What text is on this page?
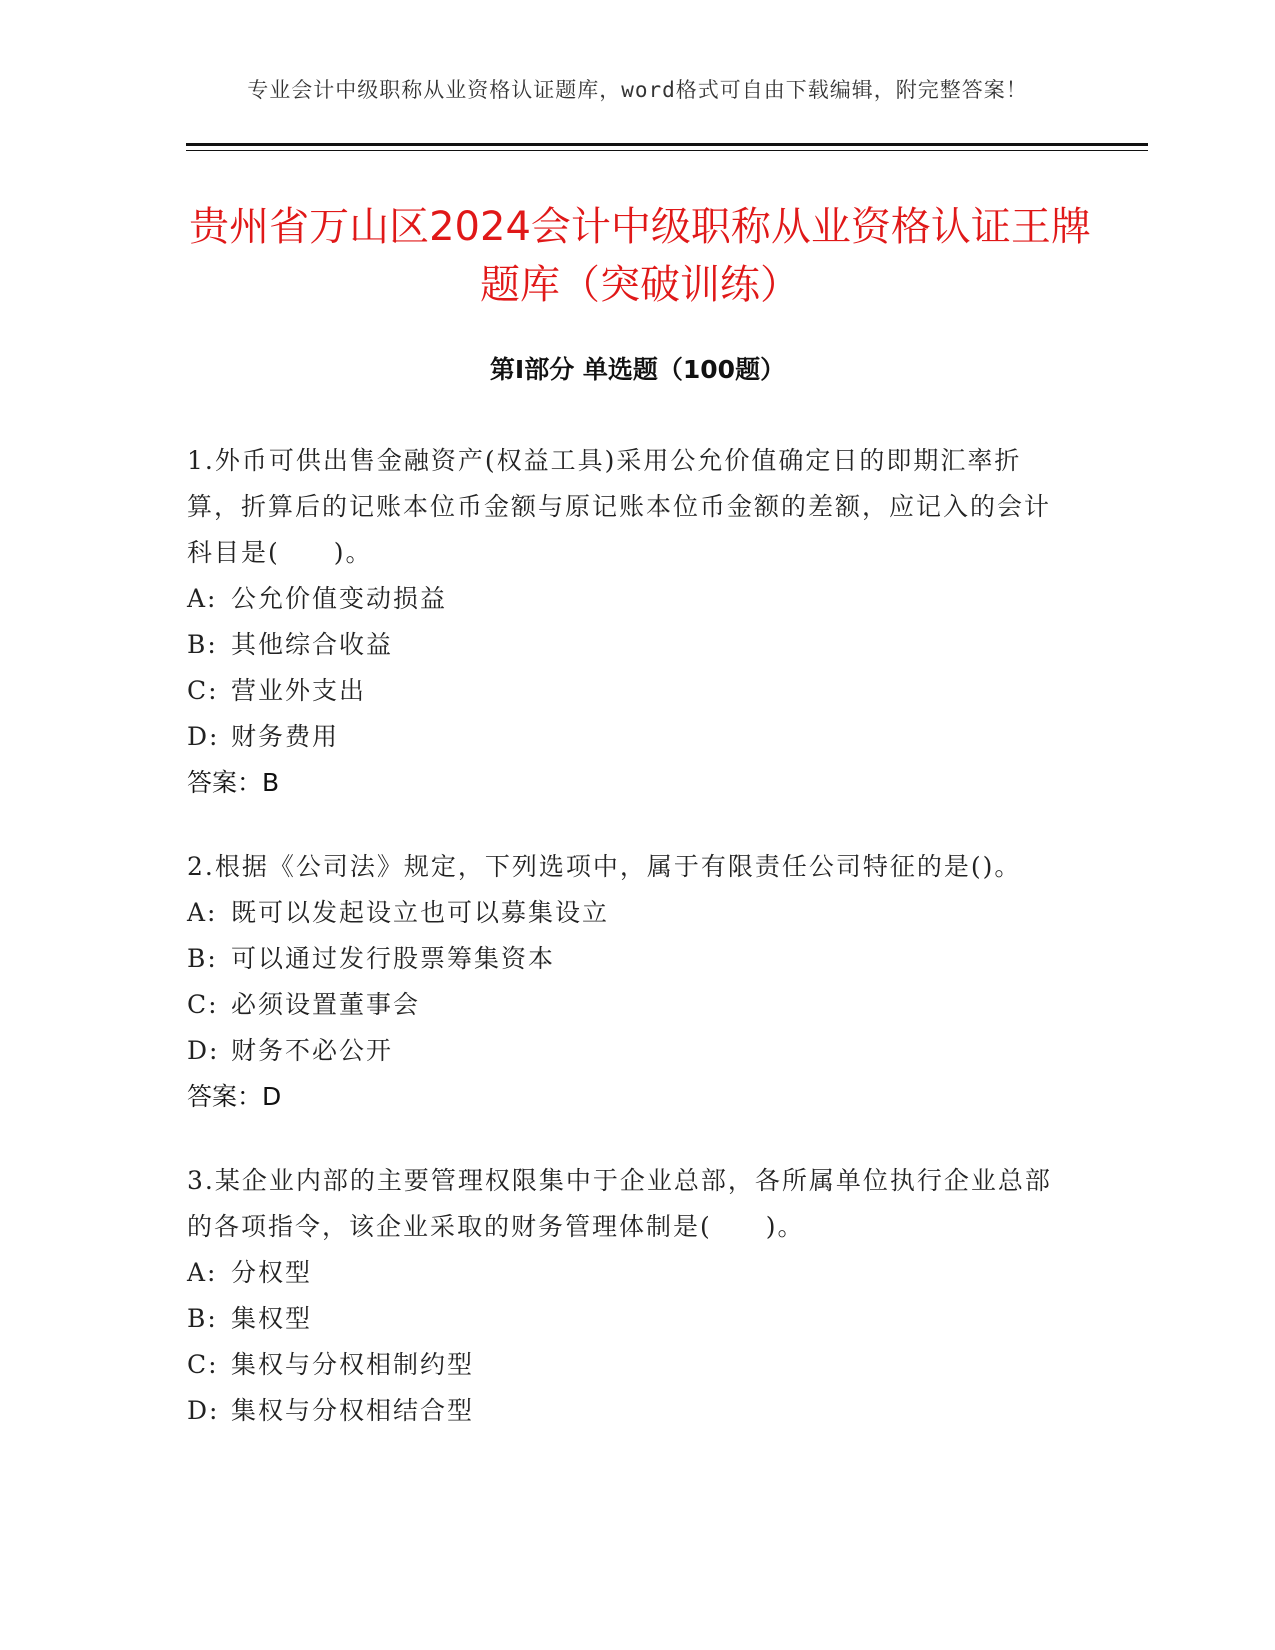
专业会计中级职称从业资格认证题库，word格式可自由下载编辑，附完整答案！
贵州省万山区2024会计中级职称从业资格认证王牌题库（突破训练）
第Ⅰ部分 单选题（100题）

1.外币可供出售金融资产(权益工具)采用公允价值确定日的即期汇率折算，折算后的记账本位币金额与原记账本位币金额的差额，应记入的会计科目是(　　)。

A: 公允价值变动损益

B: 其他综合收益

C: 营业外支出

D: 财务费用

答案：B

2.根据《公司法》规定，下列选项中，属于有限责任公司特征的是()。

A: 既可以发起设立也可以募集设立

B: 可以通过发行股票筹集资本

C: 必须设置董事会

D: 财务不必公开

答案：D

3.某企业内部的主要管理权限集中于企业总部，各所属单位执行企业总部的各项指令，该企业采取的财务管理体制是(　　)。

A: 分权型

B: 集权型

C: 集权与分权相制约型

D: 集权与分权相结合型
